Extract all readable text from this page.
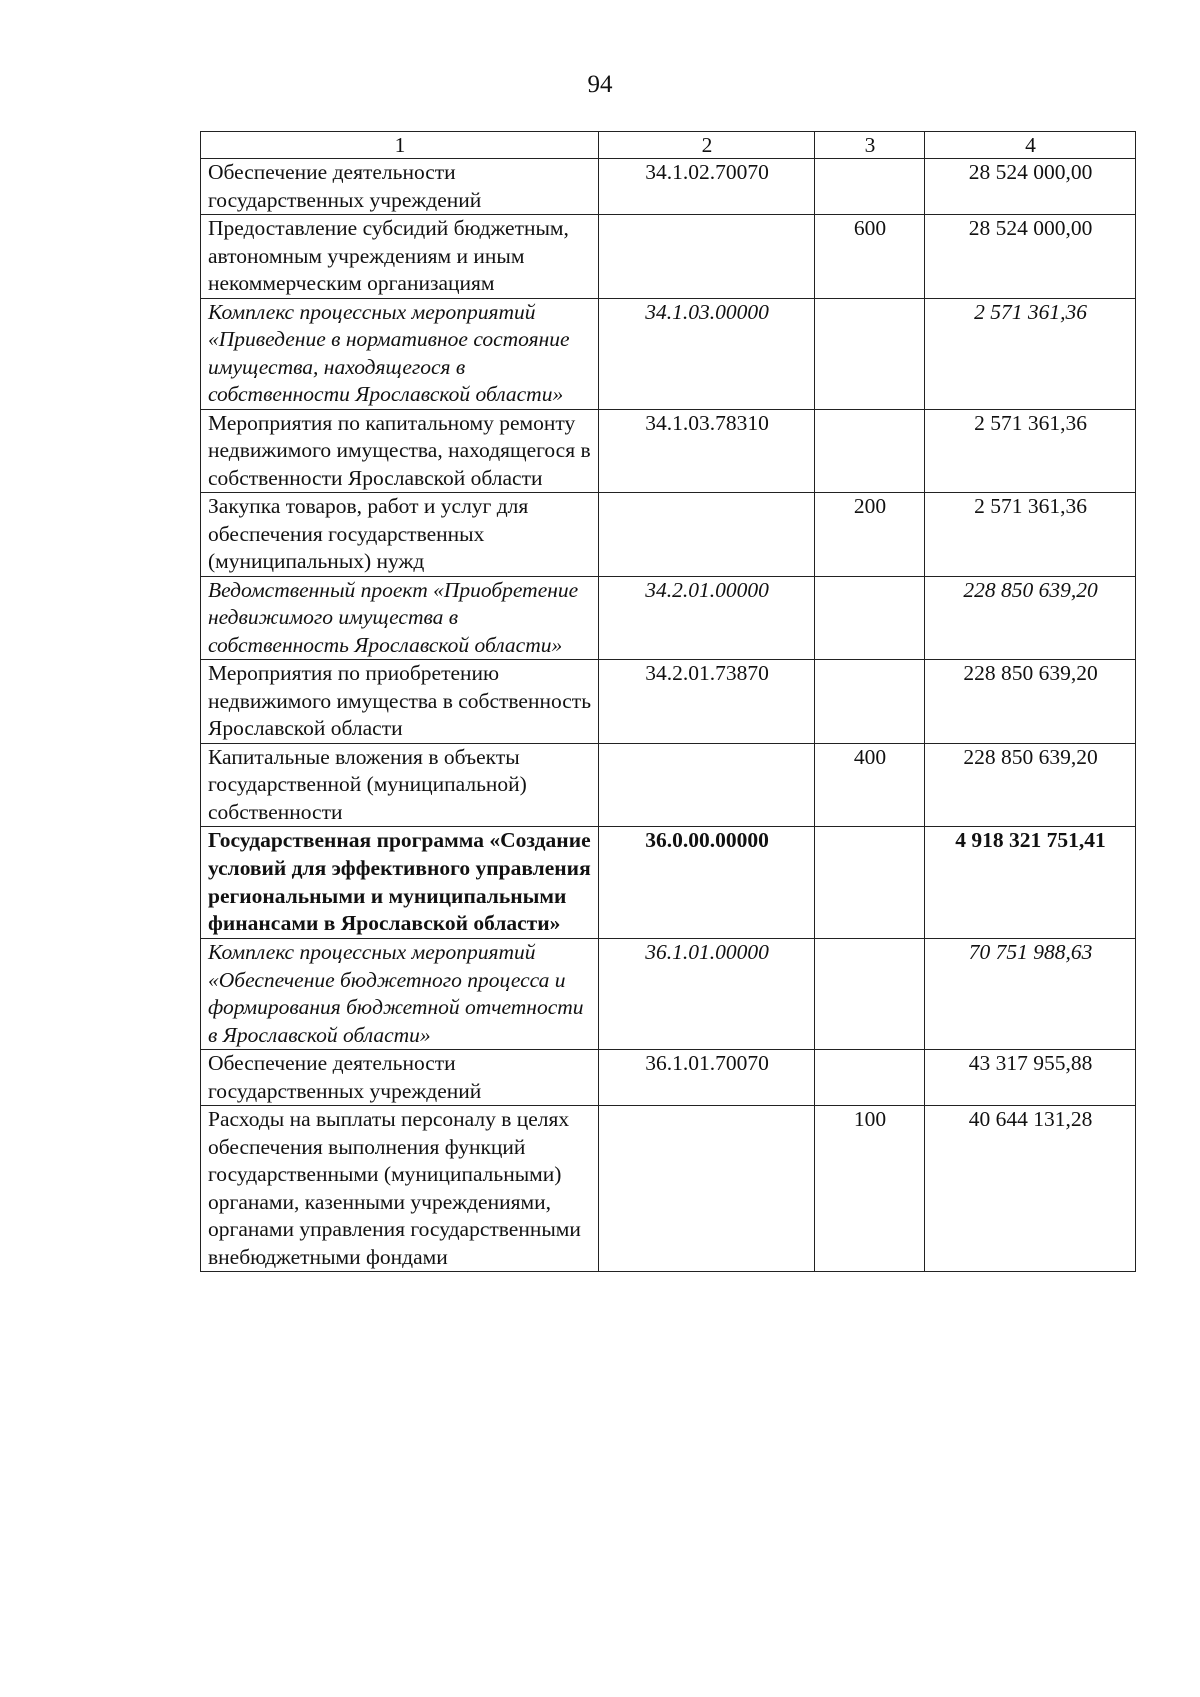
94
1	2	3	4
Обеспечение деятельности государственных учреждений	34.1.02.70070		28 524 000,00
Предоставление субсидий бюджетным, автономным учреждениям и иным некоммерческим организациям		600	28 524 000,00
Комплекс процессных мероприятий «Приведение в нормативное состояние имущества, находящегося в собственности Ярославской области»	34.1.03.00000		2 571 361,36
Мероприятия по капитальному ремонту недвижимого имущества, находящегося в собственности Ярославской области	34.1.03.78310		2 571 361,36
Закупка товаров, работ и услуг для обеспечения государственных (муниципальных) нужд		200	2 571 361,36
Ведомственный проект «Приобретение недвижимого имущества в собственность Ярославской области»	34.2.01.00000		228 850 639,20
Мероприятия по приобретению недвижимого имущества в собственность Ярославской области	34.2.01.73870		228 850 639,20
Капитальные вложения в объекты государственной (муниципальной) собственности		400	228 850 639,20
Государственная программа «Создание условий для эффективного управления региональными и муниципальными финансами в Ярославской области»	36.0.00.00000		4 918 321 751,41
Комплекс процессных мероприятий «Обеспечение бюджетного процесса и формирования бюджетной отчетности в Ярославской области»	36.1.01.00000		70 751 988,63
Обеспечение деятельности государственных учреждений	36.1.01.70070		43 317 955,88
Расходы на выплаты персоналу в целях обеспечения выполнения функций государственными (муниципальными) органами, казенными учреждениями, органами управления государственными внебюджетными фондами		100	40 644 131,28
